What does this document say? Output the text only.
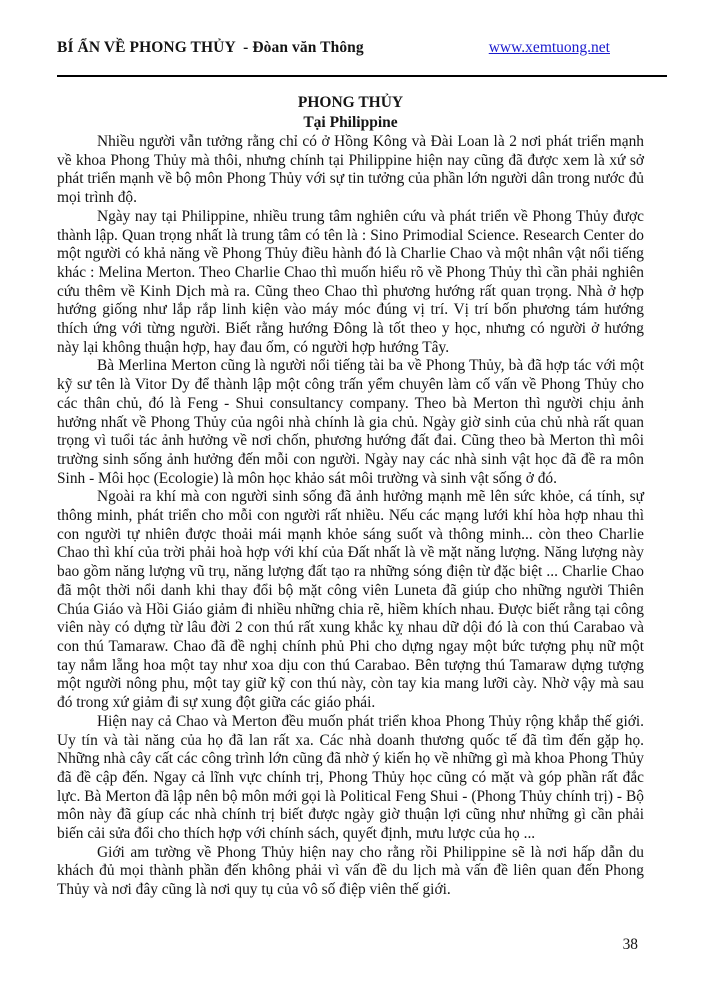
BÍ ẨN VỀ PHONG THỦY  - Đòan văn Thông	www.xemtuong.net
PHONG THỦY
Tại Philippine

Nhiều người vẫn tưởng rằng chỉ có ở Hồng Kông và Đài Loan là 2 nơi phát triển mạnh về khoa Phong Thủy mà thôi, nhưng chính tại Philippine hiện nay cũng đã được xem là xứ sở phát triển mạnh về bộ môn Phong Thủy với sự tin tưởng của phần lớn người dân trong nước đủ mọi trình độ.

Ngày nay tại Philippine, nhiều trung tâm nghiên cứu và phát triển về Phong Thủy được thành lập. Quan trọng nhất là trung tâm có tên là : Sino Primodial Science. Research Center do một người có khả năng về Phong Thủy điều hành đó là Charlie Chao và một nhân vật nổi tiếng khác : Melina Merton. Theo Charlie Chao thì muốn hiểu rõ về Phong Thủy thì cần phải nghiên cứu thêm về Kinh Dịch mà ra. Cũng theo Chao thì phương hướng rất quan trọng. Nhà ở hợp hướng giống như lắp rắp linh kiện vào máy móc đúng vị trí. Vị trí bốn phương tám hướng thích ứng với từng người. Biết rằng hướng Đông là tốt theo y học, nhưng có người ở hướng này lại không thuận hợp, hay đau ốm, có người hợp hướng Tây.

Bà Merlina Merton cũng là người nổi tiếng tài ba về Phong Thủy, bà đã hợp tác với một kỹ sư tên là Vitor Dy để thành lập một công trấn yểm chuyên làm cố vấn về Phong Thủy cho các thân chủ, đó là Feng - Shui consultancy company. Theo bà Merton thì người chịu ảnh hưởng nhất về Phong Thủy của ngôi nhà chính là gia chủ. Ngày giờ sinh của chủ nhà rất quan trọng vì tuổi tác ảnh hưởng về nơi chốn, phương hướng đất đai. Cũng theo bà Merton thì môi trường sinh sống ảnh hưởng đến mỗi con người. Ngày nay các nhà sinh vật học đã đề ra môn Sinh - Môi học (Ecologie) là môn học khảo sát môi trường và sinh vật sống ở đó.

Ngoài ra khí mà con người sinh sống đã ảnh hưởng mạnh mẽ lên sức khỏe, cá tính, sự thông minh, phát triển cho mỗi con người rất nhiều. Nếu các mạng lưới khí hòa hợp nhau thì con người tự nhiên được thoải mái mạnh khỏe sáng suốt và thông minh... còn theo Charlie Chao thì khí của trời phải hoà hợp với khí của Đất nhất là về mặt năng lượng. Năng lượng này bao gồm năng lượng vũ trụ, năng lượng đất tạo ra những sóng điện từ đặc biệt ... Charlie Chao đã một thời nổi danh khi thay đổi bộ mặt công viên Luneta đã giúp cho những người Thiên Chúa Giáo và Hồi Giáo giảm đi nhiều những chia rẽ, hiềm khích nhau. Được biết rằng tại công viên này có dựng từ lâu đời 2 con thú rất xung khắc kỵ nhau dữ dội đó là con thú Carabao và con thú Tamaraw. Chao đã đề nghị chính phủ Phi cho dựng ngay một bức tượng phụ nữ một tay nắm lẵng hoa một tay như xoa dịu con thú Carabao. Bên tượng thú Tamaraw dựng tượng một người nông phu, một tay giữ kỹ con thú này, còn tay kia mang lưỡi cày. Nhờ vậy mà sau đó trong xứ giảm đi sự xung đột giữa các giáo phái.

Hiện nay cả Chao và Merton đều muốn phát triển khoa Phong Thủy rộng khắp thế giới. Uy tín và tài năng của họ đã lan rất xa. Các nhà doanh thương quốc tế đã tìm đến gặp họ. Những nhà cây cất các công trình lớn cũng đã nhờ ý kiến họ về những gì mà khoa Phong Thủy đã đề cập đến. Ngay cả lĩnh vực chính trị, Phong Thủy học cũng có mặt và góp phần rất đắc lực. Bà Merton đã lập nên bộ môn mới gọi là Political Feng Shui - (Phong Thủy chính trị) - Bộ môn này đã gíup các nhà chính trị biết được ngày giờ thuận lợi cũng như những gì cần phải biến cải sửa đổi cho thích hợp với chính sách, quyết định, mưu lược của họ ...

Giới am tường về Phong Thủy hiện nay cho rằng rồi Philippine sẽ là nơi hấp dẫn du khách đủ mọi thành phần đến không phải vì vấn đề du lịch mà vấn đề liên quan đến Phong Thủy và nơi đây cũng là nơi quy tụ của vô số điệp viên thế giới.

38
